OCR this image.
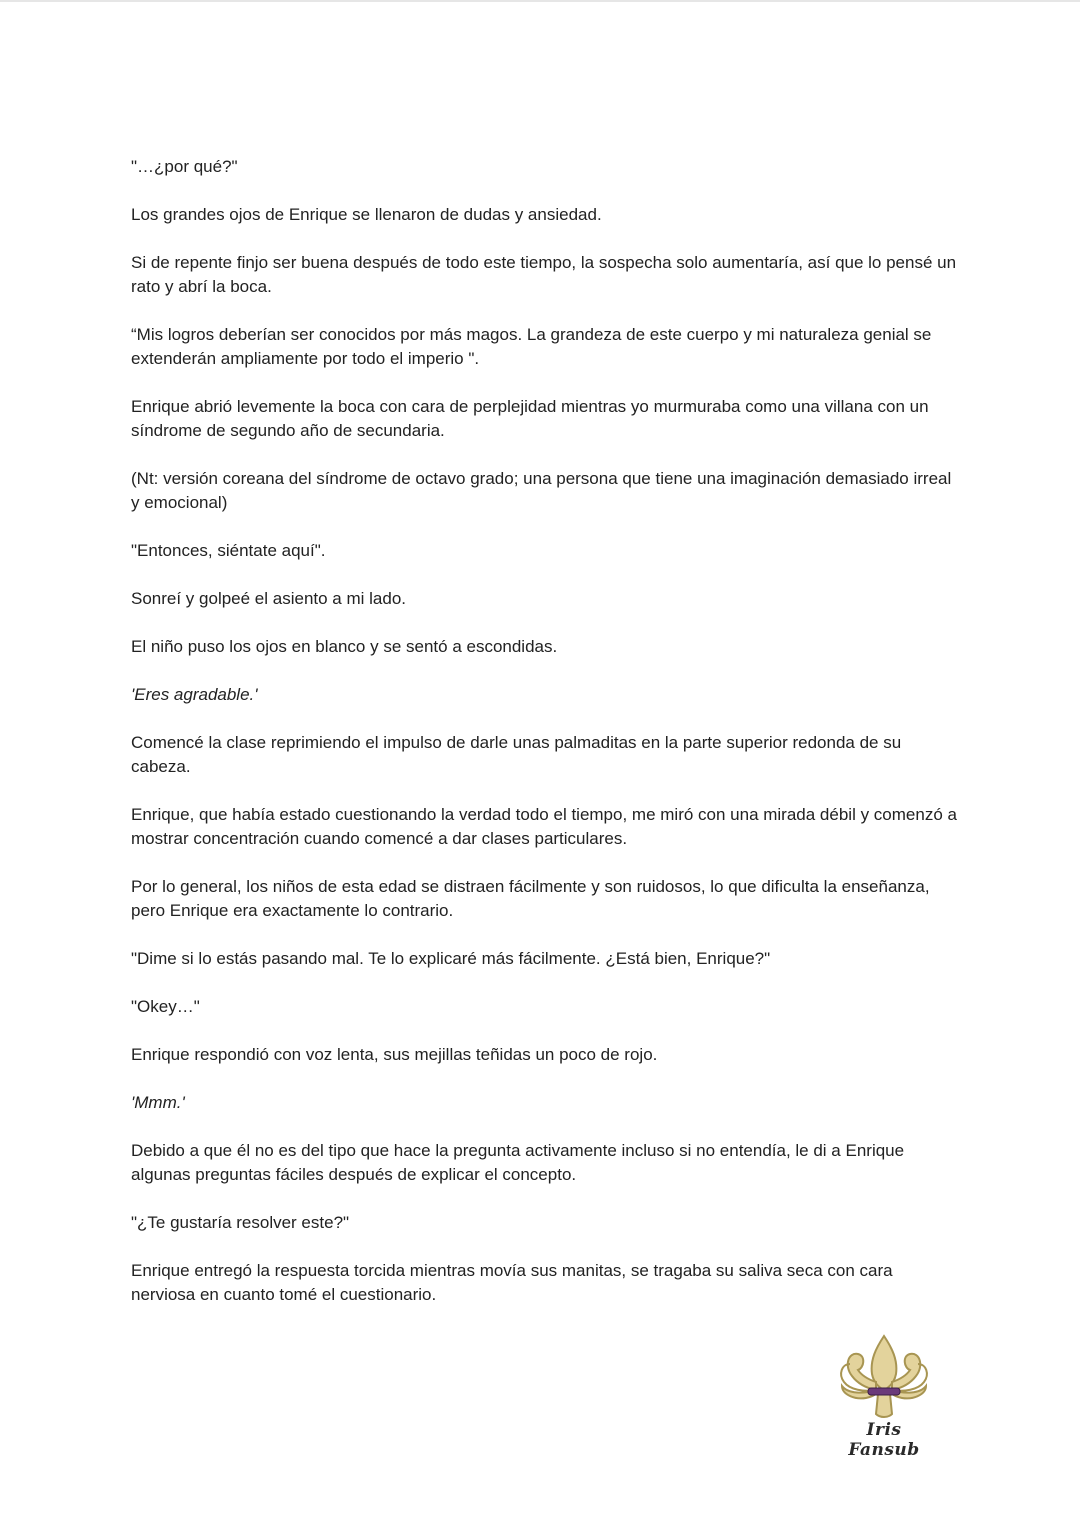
"…¿por qué?"

Los grandes ojos de Enrique se llenaron de dudas y ansiedad.

Si de repente finjo ser buena después de todo este tiempo, la sospecha solo aumentaría, así que lo pensé un rato y abrí la boca.

“Mis logros deberían ser conocidos por más magos. La grandeza de este cuerpo y mi naturaleza genial se extenderán ampliamente por todo el imperio ".

Enrique abrió levemente la boca con cara de perplejidad mientras yo murmuraba como una villana con un síndrome de segundo año de secundaria.

(Nt: versión coreana del síndrome de octavo grado; una persona que tiene una imaginación demasiado irreal y emocional)

"Entonces, siéntate aquí".

Sonreí y golpeé el asiento a mi lado.

El niño puso los ojos en blanco y se sentó a escondidas.

'Eres agradable.'

Comencé la clase reprimiendo el impulso de darle unas palmaditas en la parte superior redonda de su cabeza.

Enrique, que había estado cuestionando la verdad todo el tiempo, me miró con una mirada débil y comenzó a mostrar concentración cuando comencé a dar clases particulares.

Por lo general, los niños de esta edad se distraen fácilmente y son ruidosos, lo que dificulta la enseñanza, pero Enrique era exactamente lo contrario.

"Dime si lo estás pasando mal. Te lo explicaré más fácilmente. ¿Está bien, Enrique?"

"Okey…"

Enrique respondió con voz lenta, sus mejillas teñidas un poco de rojo.

'Mmm.'

Debido a que él no es del tipo que hace la pregunta activamente incluso si no entendía, le di a Enrique algunas preguntas fáciles después de explicar el concepto.

"¿Te gustaría resolver este?"

Enrique entregó la respuesta torcida mientras movía sus manitas, se tragaba su saliva seca con cara nerviosa en cuanto tomé el cuestionario.

Iris Fansub
